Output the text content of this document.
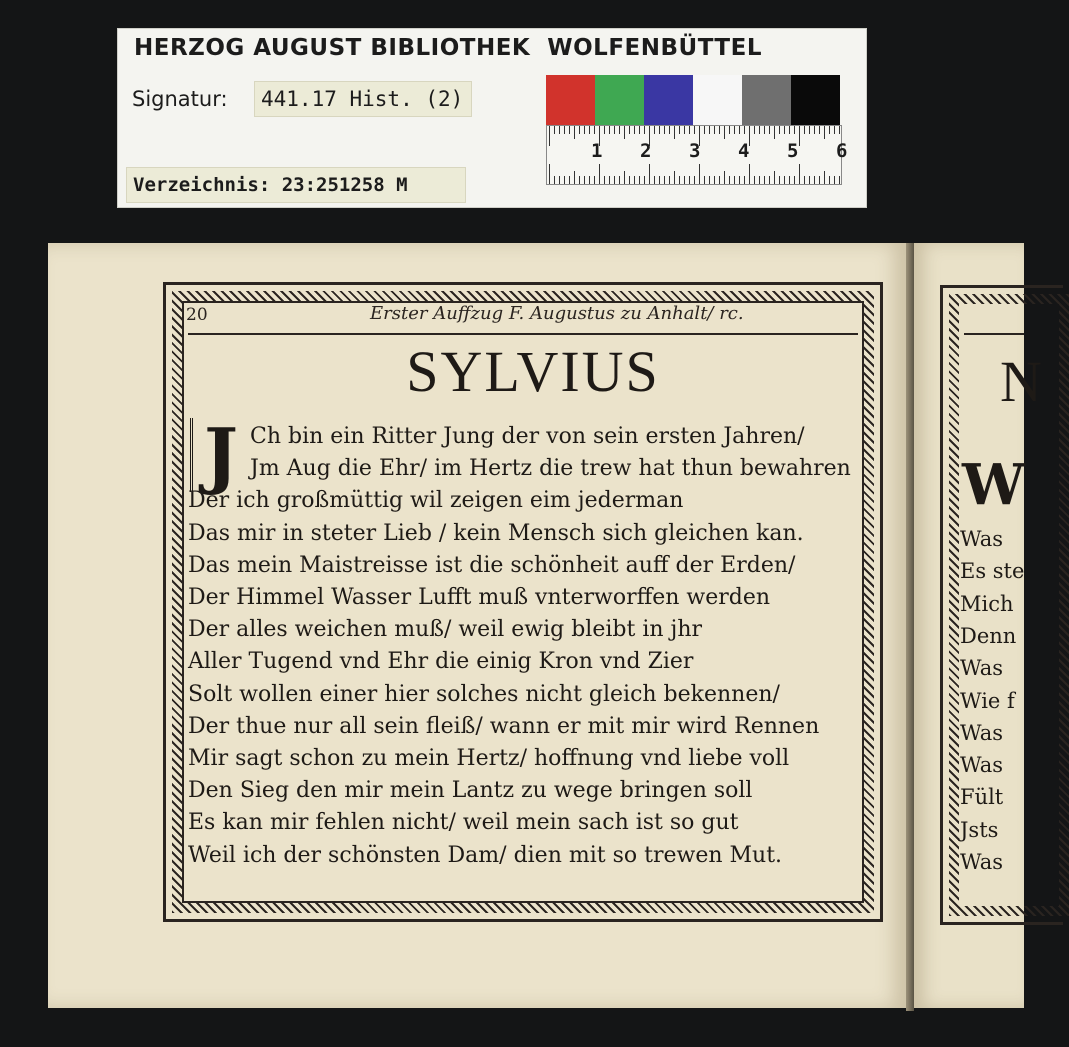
HERZOG AUGUST BIBLIOTHEK  WOLFENBÜTTEL
Signatur:	441.17 Hist. (2)
Verzeichnis: 23:251258 M
1 2 3 4 5 6
20	Erster Auffzug F. Augustus zu Anhalt/ rc.
SYLVIUS
J Ch bin ein Ritter Jung der von sein ersten Jahren/
Jm Aug die Ehr/ im Hertz die trew hat thun bewahren
Der ich großmüttig wil zeigen eim jederman
Das mir in steter Lieb / kein Mensch sich gleichen kan.
Das mein Maistreisse ist die schönheit auff der Erden/
Der Himmel Wasser Lufft muß vnterworffen werden
Der alles weichen muß/ weil ewig bleibt in jhr
Aller Tugend vnd Ehr die einig Kron vnd Zier
Solt wollen einer hier solches nicht gleich bekennen/
Der thue nur all sein fleiß/ wann er mit mir wird Rennen
Mir sagt schon zu mein Hertz/ hoffnung vnd liebe voll
Den Sieg den mir mein Lantz zu wege bringen soll
Es kan mir fehlen nicht/ weil mein sach ist so gut
Weil ich der schönsten Dam/ dien mit so trewen Mut.
N
W
Was
Es ste
Mich
Denn
Was
Wie f
Was
Was
Fült
Jsts
Was
